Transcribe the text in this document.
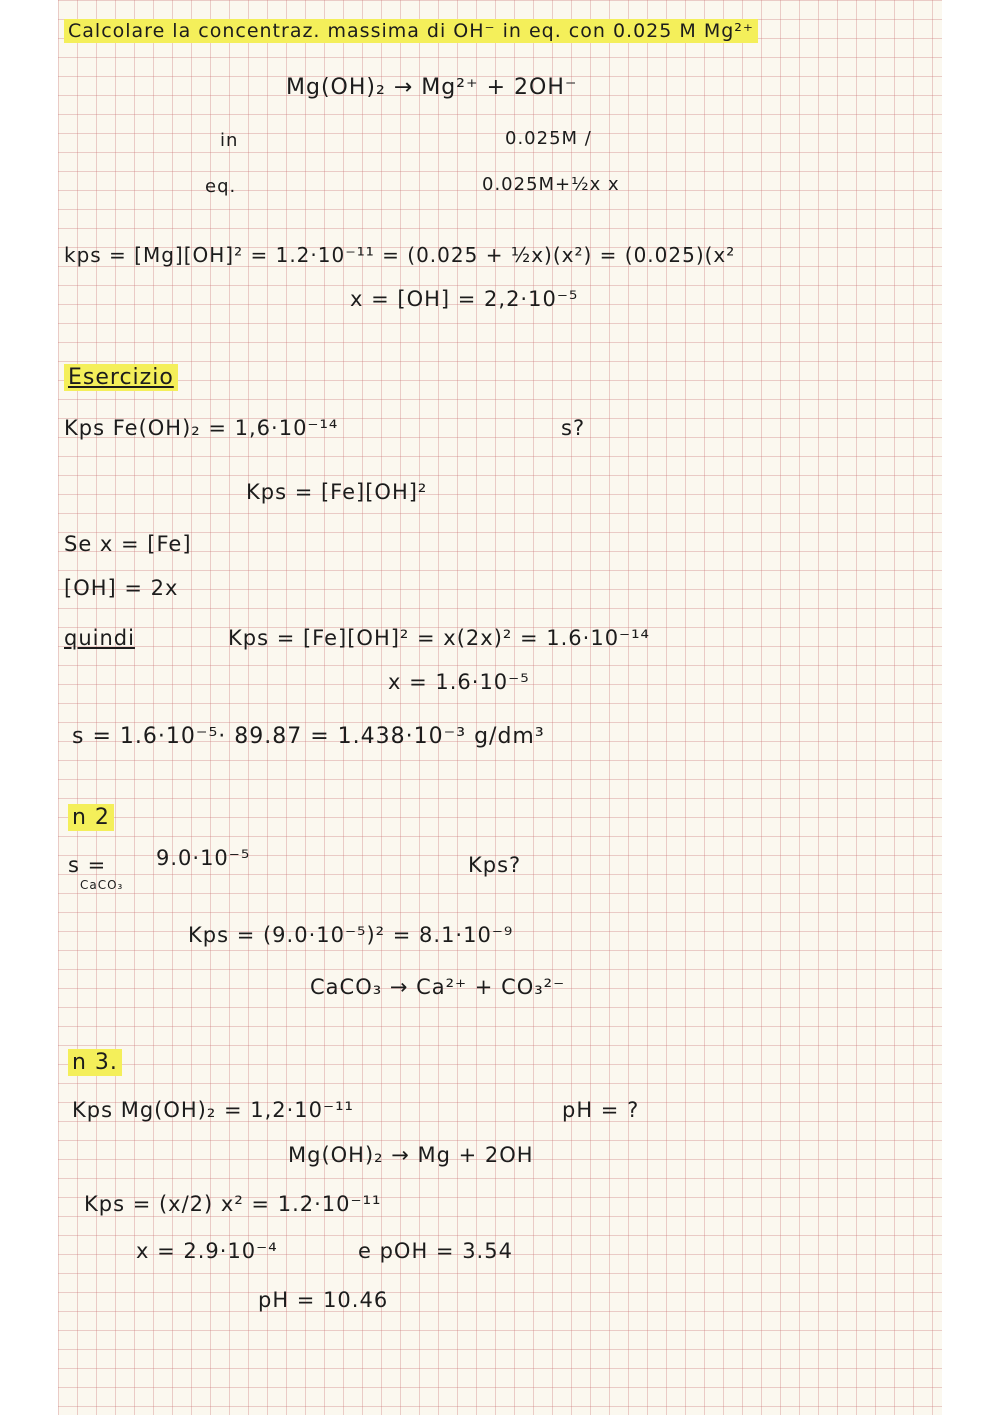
Calcolare la concentraz. massima di OH⁻ in eq. con 0.025 M Mg²⁺
Mg(OH)₂ → Mg²⁺ + 2OH⁻
in	0.025M /
eq.	0.025M+½x x
kps = [Mg][OH]² = 1.2·10⁻¹¹ = (0.025 + ½x)(x²) = (0.025)(x²
x = [OH] = 2,2·10⁻⁵
Esercizio
Kps Fe(OH)₂ = 1,6·10⁻¹⁴	s?
Kps = [Fe][OH]²
Se x = [Fe]
[OH] = 2x
quindi	Kps = [Fe][OH]² = x(2x)² = 1.6·10⁻¹⁴
x = 1.6·10⁻⁵
s = 1.6·10⁻⁵· 89.87 = 1.438·10⁻³ g/dm³
n 2
s =
CaCO₃
9.0·10⁻⁵	Kps?
Kps = (9.0·10⁻⁵)² = 8.1·10⁻⁹
CaCO₃ → Ca²⁺ + CO₃²⁻
n 3.
Kps Mg(OH)₂ = 1,2·10⁻¹¹	pH = ?
Mg(OH)₂ → Mg + 2OH
Kps = (x/2) x² = 1.2·10⁻¹¹
x = 2.9·10⁻⁴	e pOH = 3.54
pH = 10.46
